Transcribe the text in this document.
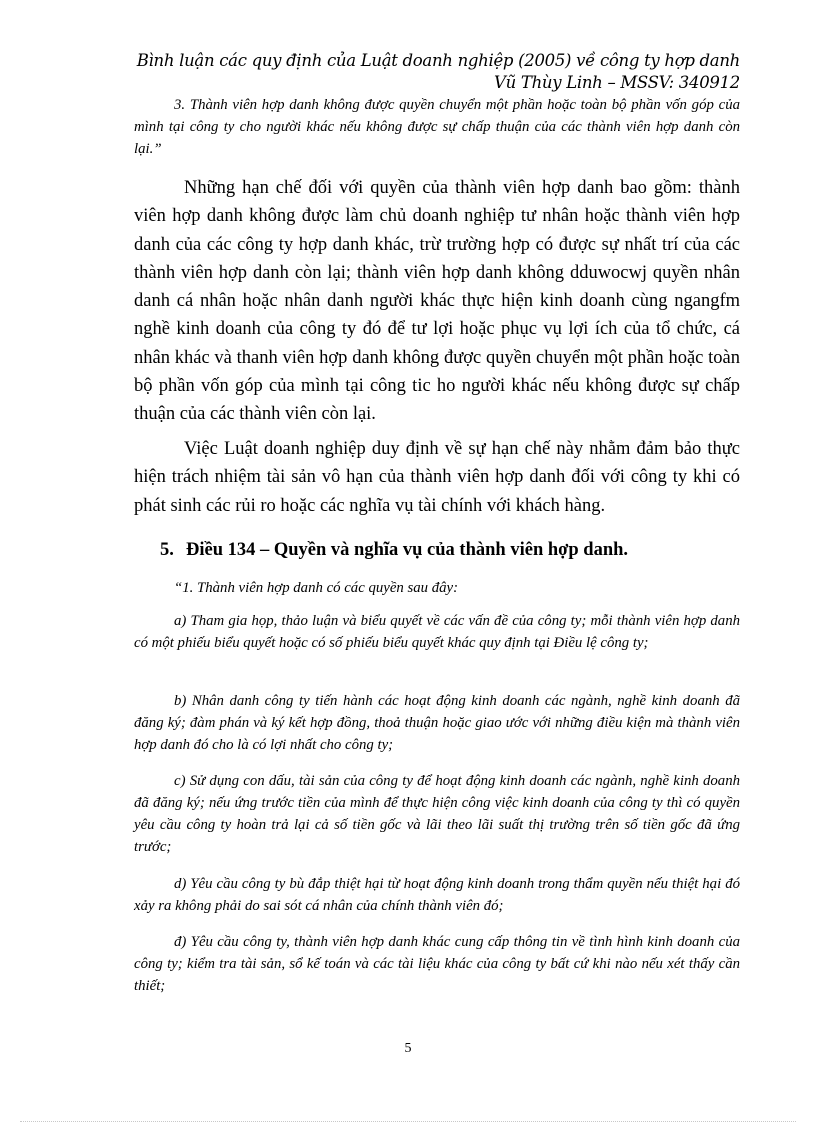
Bình luận các quy định của Luật doanh nghiệp (2005) về công ty hợp danh
Vũ Thùy Linh – MSSV: 340912
3. Thành viên hợp danh không được quyền chuyển một phần hoặc toàn bộ phần vốn góp của mình tại công ty cho người khác nếu không được sự chấp thuận của các thành viên hợp danh còn lại.”

Những hạn chế đối với quyền của thành viên hợp danh bao gồm: thành viên hợp danh không được làm chủ doanh nghiệp tư nhân hoặc thành viên hợp danh của các công ty hợp danh khác, trừ trường hợp có được sự nhất trí của các thành viên hợp danh còn lại; thành viên hợp danh không dduwocwj quyền nhân danh cá nhân hoặc nhân danh người khác thực hiện kinh doanh cùng ngangfm nghề kinh doanh của công ty đó để tư lợi hoặc phục vụ lợi ích của tổ chức, cá nhân khác và thanh viên hợp danh không được quyền chuyển một phần hoặc toàn bộ phần vốn góp của mình tại công tic ho người khác nếu không được sự chấp thuận của các thành viên còn lại.

Việc Luật doanh nghiệp duy định về sự hạn chế này nhằm đảm bảo thực hiện trách nhiệm tài sản vô hạn của thành viên hợp danh đối với công ty khi có phát sinh các rủi ro hoặc các nghĩa vụ tài chính với khách hàng.

5. Điều 134 – Quyền và nghĩa vụ của thành viên hợp danh.

“1. Thành viên hợp danh có các quyền sau đây:

a) Tham gia họp, thảo luận và biểu quyết về các vấn đề của công ty; mỗi thành viên hợp danh có một phiếu biểu quyết hoặc có số phiếu biểu quyết khác quy định tại Điều lệ công ty;

b) Nhân danh công ty tiến hành các hoạt động kinh doanh các ngành, nghề kinh doanh đã đăng ký; đàm phán và ký kết hợp đồng, thoả thuận hoặc giao ước với những điều kiện mà thành viên hợp danh đó cho là có lợi nhất cho công ty;

c) Sử dụng con dấu, tài sản của công ty để hoạt động kinh doanh các ngành, nghề kinh doanh đã đăng ký; nếu ứng trước tiền của mình để thực hiện công việc kinh doanh của công ty thì có quyền yêu cầu công ty hoàn trả lại cả số tiền gốc và lãi theo lãi suất thị trường trên số tiền gốc đã ứng trước;

d) Yêu cầu công ty bù đắp thiệt hại từ hoạt động kinh doanh trong thẩm quyền nếu thiệt hại đó xảy ra không phải do sai sót cá nhân của chính thành viên đó;

đ) Yêu cầu công ty, thành viên hợp danh khác cung cấp thông tin về tình hình kinh doanh của công ty; kiểm tra tài sản, sổ kế toán và các tài liệu khác của công ty bất cứ khi nào nếu xét thấy cần thiết;

5
